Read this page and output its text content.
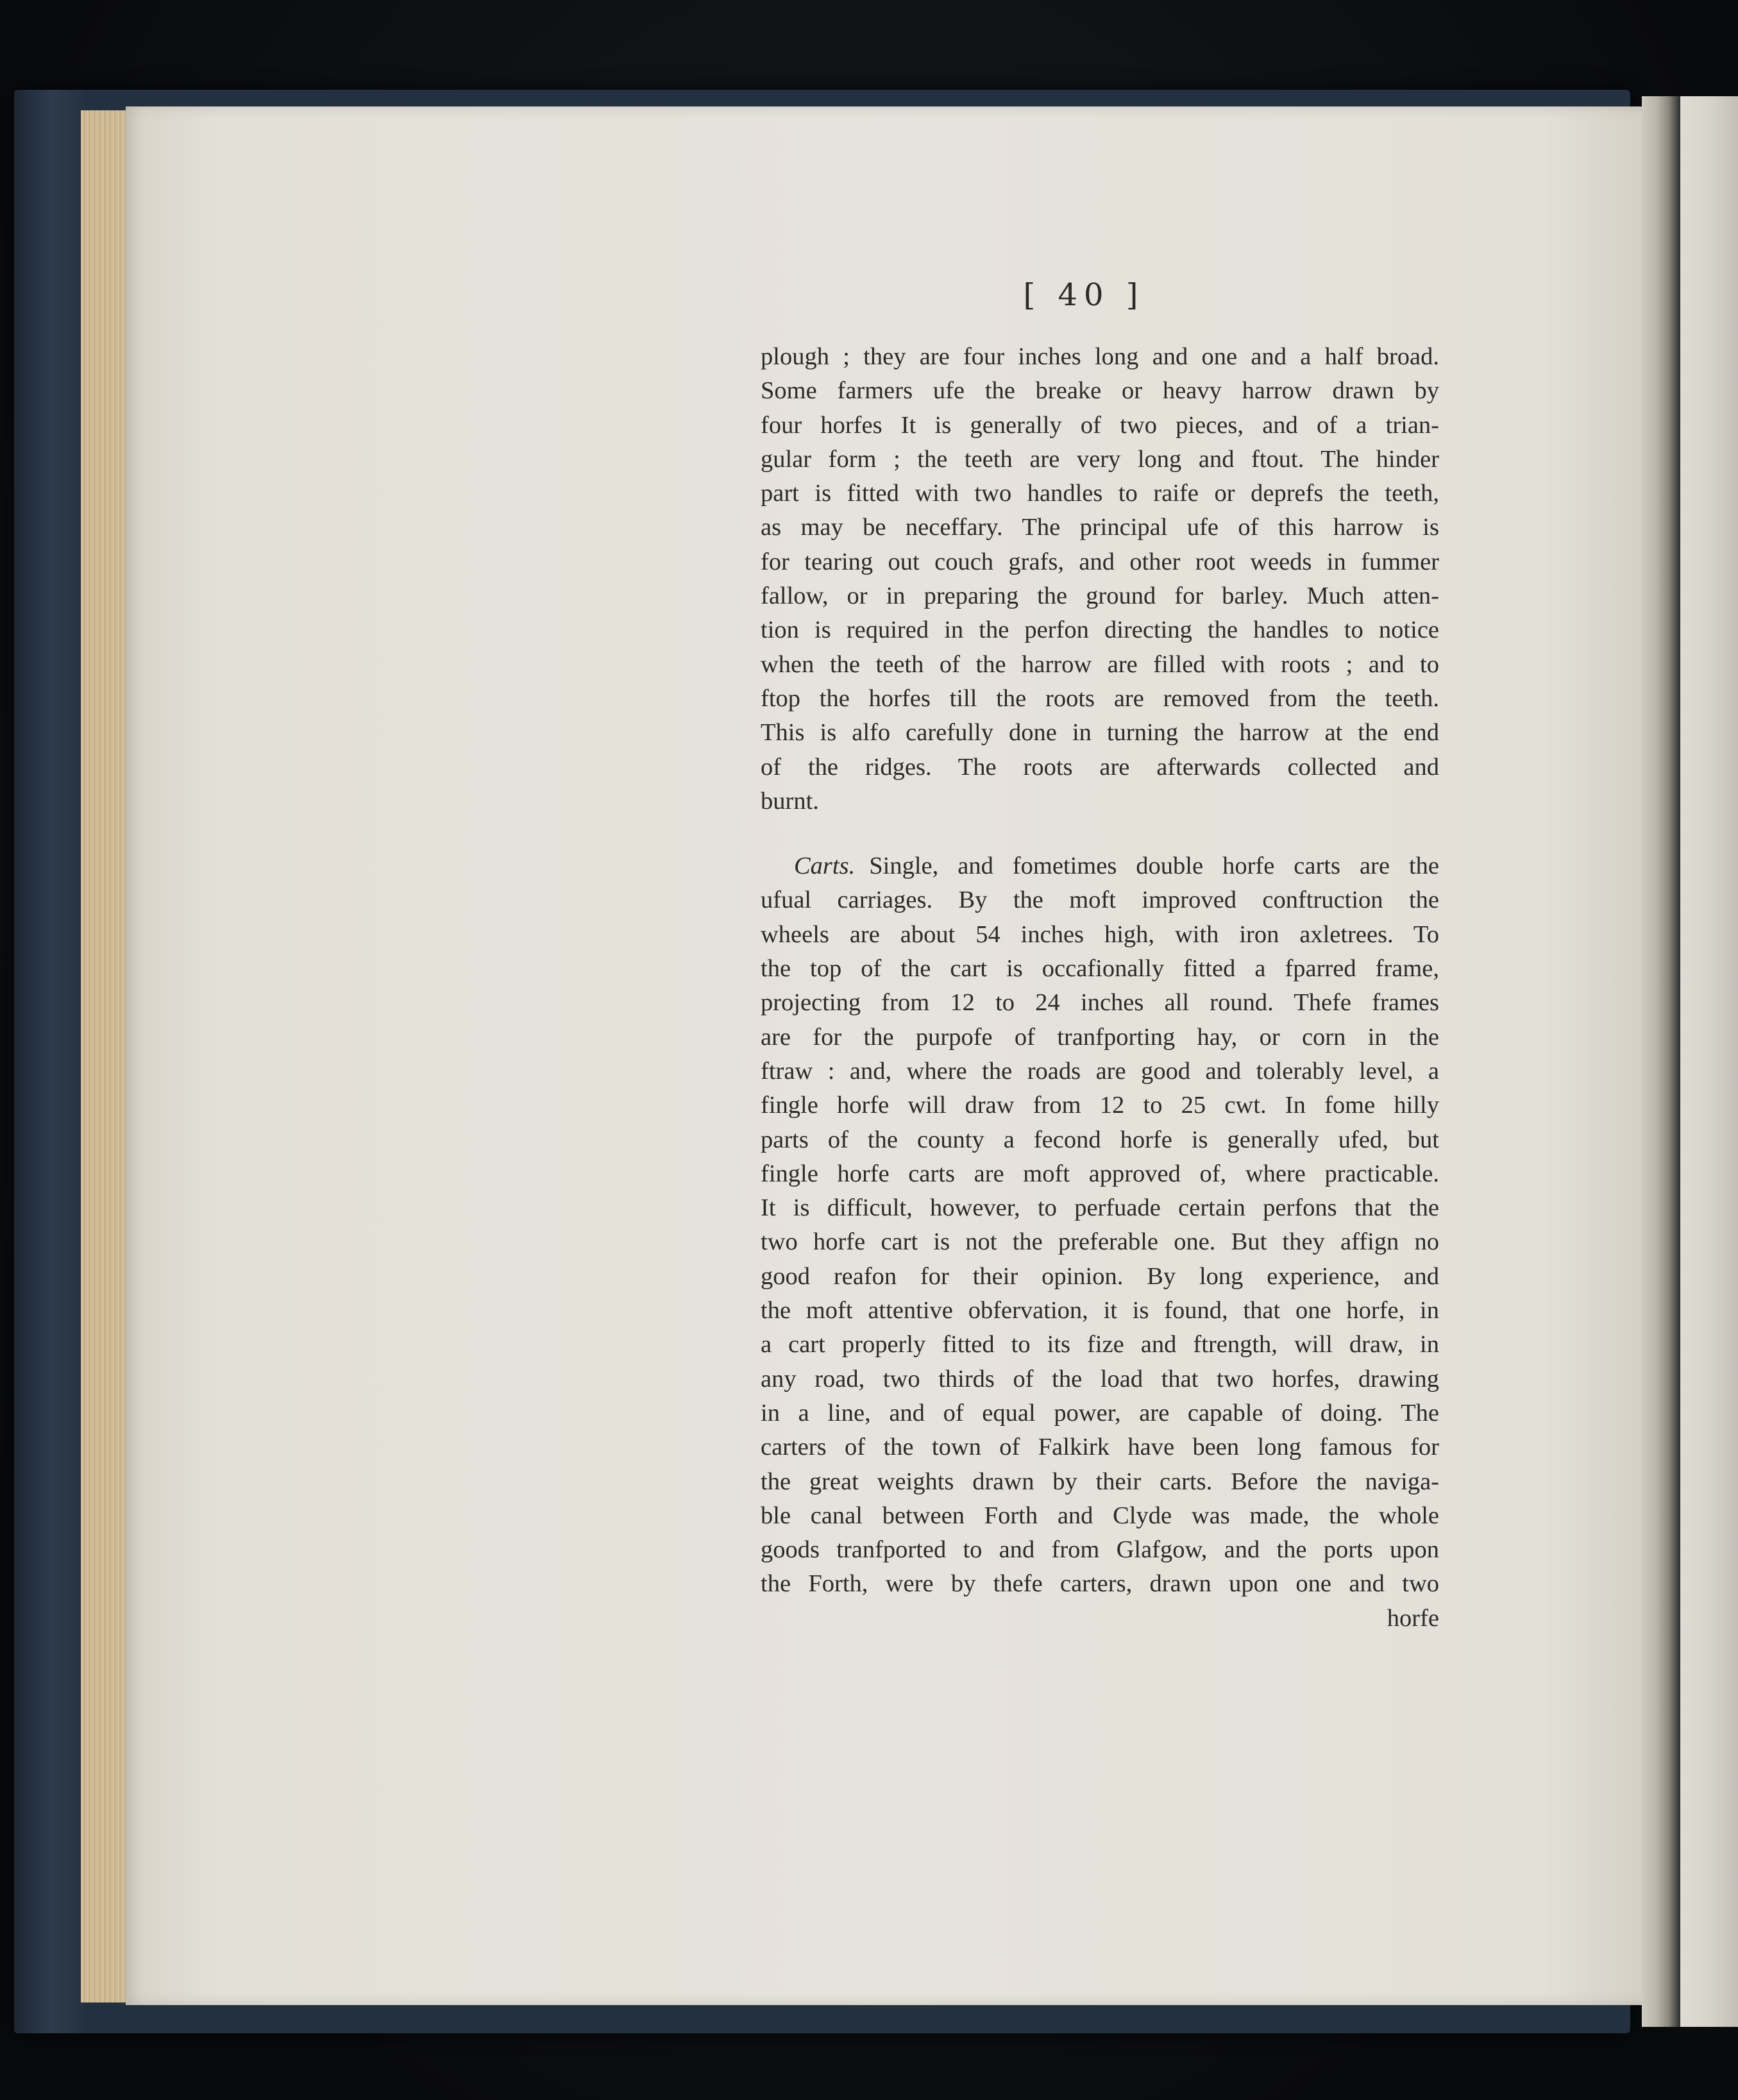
[ 40 ]
plough ; they are four inches long and one and a half broad.
Some farmers ufe the breake or heavy harrow drawn by
four horfes It is generally of two pieces, and of a trian-
gular form ; the teeth are very long and ftout. The hinder
part is fitted with two handles to raife or deprefs the teeth,
as may be neceffary. The principal ufe of this harrow is
for tearing out couch grafs, and other root weeds in fummer
fallow, or in preparing the ground for barley. Much atten-
tion is required in the perfon directing the handles to notice
when the teeth of the harrow are filled with roots ; and to
ftop the horfes till the roots are removed from the teeth.
This is alfo carefully done in turning the harrow at the end
of the ridges. The roots are afterwards collected and
burnt.
Carts. Single, and fometimes double horfe carts are the
ufual carriages. By the moft improved conftruction the
wheels are about 54 inches high, with iron axletrees. To
the top of the cart is occafionally fitted a fparred frame,
projecting from 12 to 24 inches all round. Thefe frames
are for the purpofe of tranfporting hay, or corn in the
ftraw : and, where the roads are good and tolerably level, a
fingle horfe will draw from 12 to 25 cwt. In fome hilly
parts of the county a fecond horfe is generally ufed, but
fingle horfe carts are moft approved of, where practicable.
It is difficult, however, to perfuade certain perfons that the
two horfe cart is not the preferable one. But they affign no
good reafon for their opinion. By long experience, and
the moft attentive obfervation, it is found, that one horfe, in
a cart properly fitted to its fize and ftrength, will draw, in
any road, two thirds of the load that two horfes, drawing
in a line, and of equal power, are capable of doing. The
carters of the town of Falkirk have been long famous for
the great weights drawn by their carts. Before the naviga-
ble canal between Forth and Clyde was made, the whole
goods tranfported to and from Glafgow, and the ports upon
the Forth, were by thefe carters, drawn upon one and two
horfe
